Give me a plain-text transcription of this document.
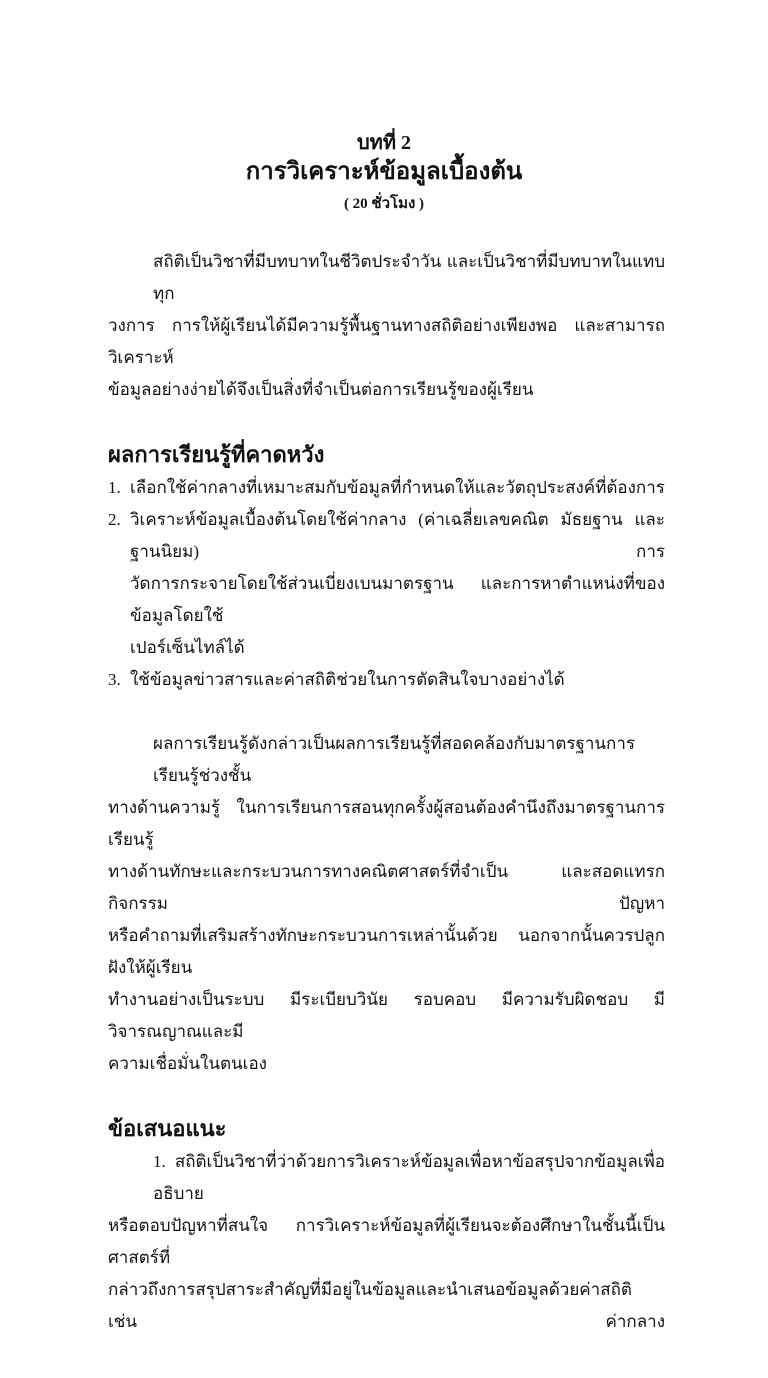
บทที่ 2
การวิเคราะห์ข้อมูลเบื้องต้น
( 20 ชั่วโมง )
สถิติเป็นวิชาที่มีบทบาทในชีวิตประจำวัน และเป็นวิชาที่มีบทบาทในแทบทุก
วงการ การให้ผู้เรียนได้มีความรู้พื้นฐานทางสถิติอย่างเพียงพอ และสามารถวิเคราะห์
ข้อมูลอย่างง่ายได้จึงเป็นสิ่งที่จำเป็นต่อการเรียนรู้ของผู้เรียน
ผลการเรียนรู้ที่คาดหวัง
1. เลือกใช้ค่ากลางที่เหมาะสมกับข้อมูลที่กำหนดให้และวัตถุประสงค์ที่ต้องการ
2. วิเคราะห์ข้อมูลเบื้องต้นโดยใช้ค่ากลาง (ค่าเฉลี่ยเลขคณิต มัธยฐาน และฐานนิยม) การ
วัดการกระจายโดยใช้ส่วนเบี่ยงเบนมาตรฐาน และการหาตำแหน่งที่ของข้อมูลโดยใช้
เปอร์เซ็นไทล์ได้
3. ใช้ข้อมูลข่าวสารและค่าสถิติช่วยในการตัดสินใจบางอย่างได้
ผลการเรียนรู้ดังกล่าวเป็นผลการเรียนรู้ที่สอดคล้องกับมาตรฐานการเรียนรู้ช่วงชั้น
ทางด้านความรู้ ในการเรียนการสอนทุกครั้งผู้สอนต้องคำนึงถึงมาตรฐานการเรียนรู้
ทางด้านทักษะและกระบวนการทางคณิตศาสตร์ที่จำเป็น และสอดแทรกกิจกรรม ปัญหา
หรือคำถามที่เสริมสร้างทักษะกระบวนการเหล่านั้นด้วย นอกจากนั้นควรปลูกฝังให้ผู้เรียน
ทำงานอย่างเป็นระบบ มีระเบียบวินัย รอบคอบ มีความรับผิดชอบ มีวิจารณญาณและมี
ความเชื่อมั่นในตนเอง
ข้อเสนอแนะ
1. สถิติเป็นวิชาที่ว่าด้วยการวิเคราะห์ข้อมูลเพื่อหาข้อสรุปจากข้อมูลเพื่ออธิบาย
หรือตอบปัญหาที่สนใจ การวิเคราะห์ข้อมูลที่ผู้เรียนจะต้องศึกษาในชั้นนี้เป็นศาสตร์ที่
กล่าวถึงการสรุปสาระสำคัญที่มีอยู่ในข้อมูลและนำเสนอข้อมูลด้วยค่าสถิติ เช่น ค่ากลาง
